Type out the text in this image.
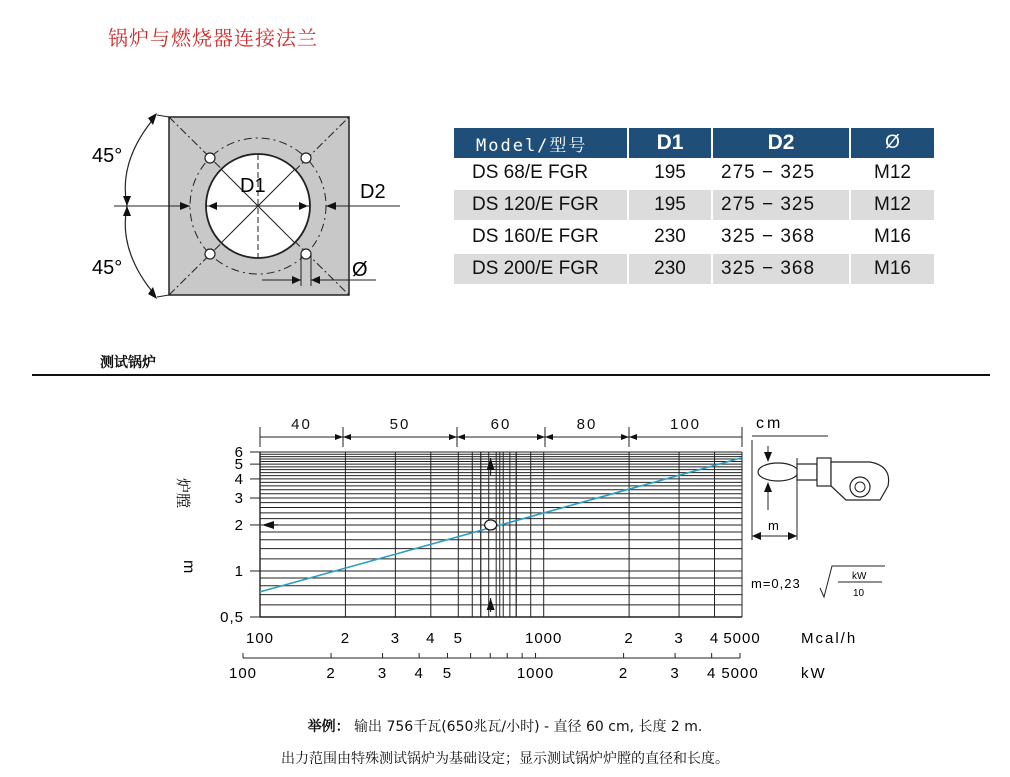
锅炉与燃烧器连接法兰
45°
45°
D1	D2
Ø
Model/型号	D1	D2	Ø
DS 68/E FGR	195	275 − 325	M12
DS 120/E FGR	195	275 − 325	M12
DS 160/E FGR	230	325 − 368	M16
DS 200/E FGR	230	325 − 368	M16
测试锅炉
6
5
4
3
2
1
0,5
100	2	3 4 5	1000	2	3 4 5000
100	2	3 4 5	1000	2	3 4 5000
40	50	60	80	100
炉膛
m
cm
m
m=0,23	kW
10
Mcal/h
kW
举例： 输出 756千瓦(650兆瓦/小时) - 直径 60 cm, 长度 2 m.
出力范围由特殊测试锅炉为基础设定；显示测试锅炉炉膛的直径和长度。
